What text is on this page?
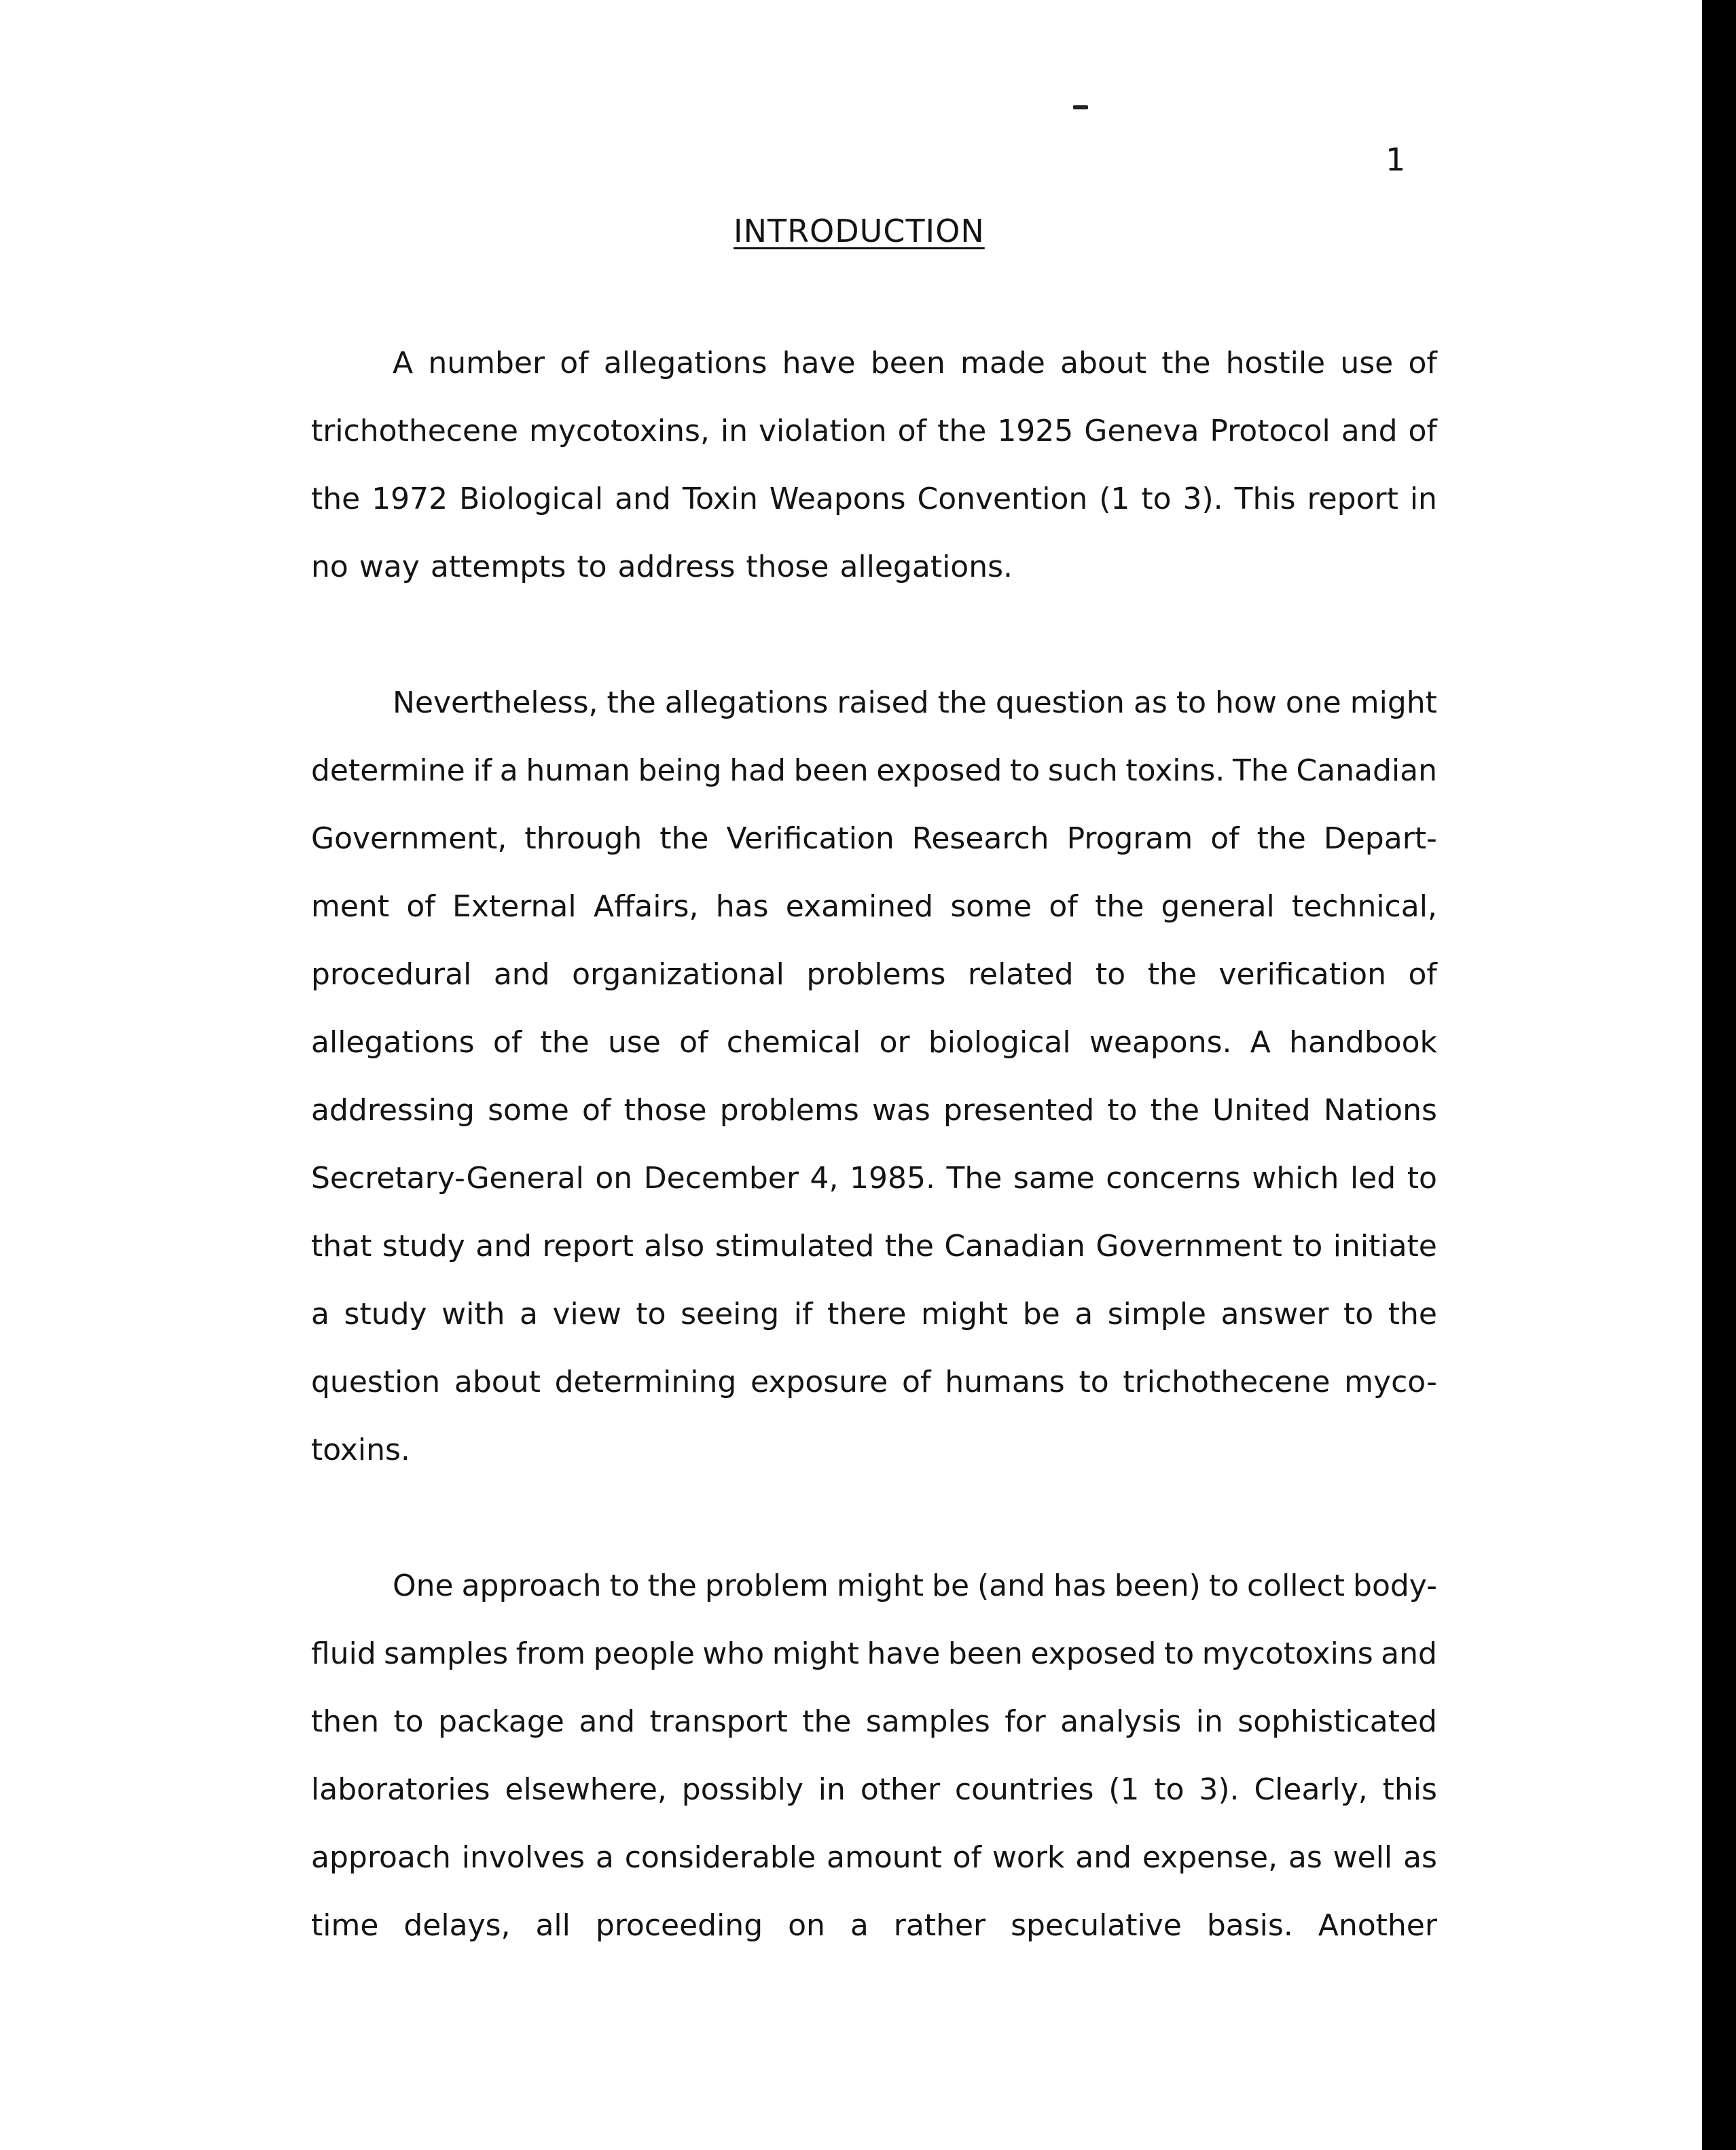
1
INTRODUCTION
A number of allegations have been made about the hostile use of
trichothecene mycotoxins, in violation of the 1925 Geneva Protocol and of
the 1972 Biological and Toxin Weapons Convention (1 to 3). This report in
no way attempts to address those allegations.
Nevertheless, the allegations raised the question as to how one might
determine if a human being had been exposed to such toxins. The Canadian
Government, through the Verification Research Program of the Depart-
ment of External Affairs, has examined some of the general technical,
procedural and organizational problems related to the verification of
allegations of the use of chemical or biological weapons. A handbook
addressing some of those problems was presented to the United Nations
Secretary-General on December 4, 1985. The same concerns which led to
that study and report also stimulated the Canadian Government to initiate
a study with a view to seeing if there might be a simple answer to the
question about determining exposure of humans to trichothecene myco-
toxins.
One approach to the problem might be (and has been) to collect body-
fluid samples from people who might have been exposed to mycotoxins and
then to package and transport the samples for analysis in sophisticated
laboratories elsewhere, possibly in other countries (1 to 3). Clearly, this
approach involves a considerable amount of work and expense, as well as
time delays, all proceeding on a rather speculative basis. Another
